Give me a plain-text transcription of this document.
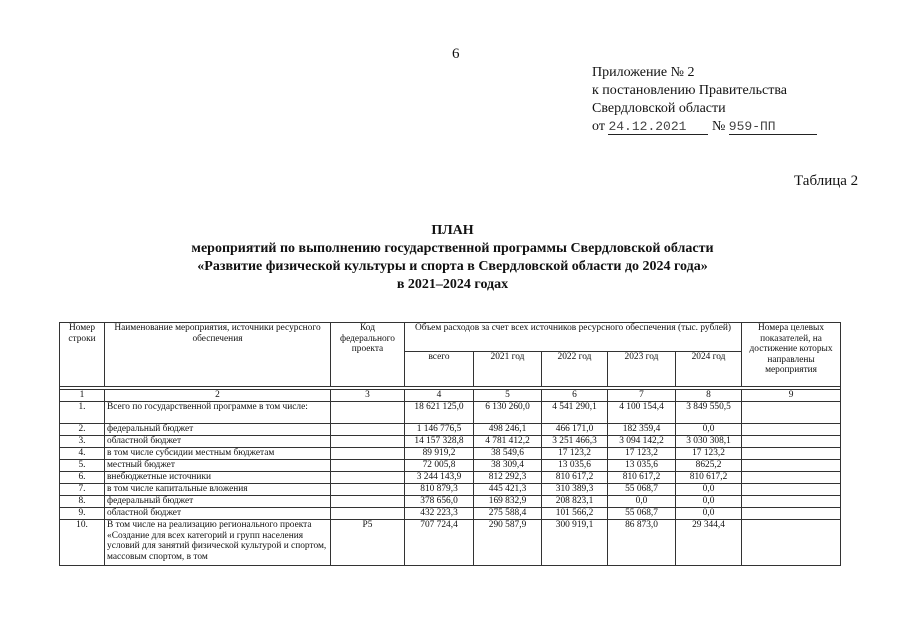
6
Приложение № 2
к постановлению Правительства
Свердловской области
от 24.12.2021 № 959-ПП
Таблица 2
ПЛАН
мероприятий по выполнению государственной программы Свердловской области
«Развитие физической культуры и спорта в Свердловской области до 2024 года»
в 2021–2024 годах
Номер строки	Наименование мероприятия, источники ресурсного обеспечения	Код федерального проекта	Объем расходов за счет всех источников ресурсного обеспечения (тыс. рублей)					Номера целевых показателей, на достижение которых направлены мероприятия
			всего	2021 год	2022 год	2023 год	2024 год	

1	2	3	4	5	6	7	8	9
1.	Всего по государственной программе в том числе:		18 621 125,0	6 130 260,0	4 541 290,1	4 100 154,4	3 849 550,5	
2.	федеральный бюджет		1 146 776,5	498 246,1	466 171,0	182 359,4	0,0	
3.	областной бюджет		14 157 328,8	4 781 412,2	3 251 466,3	3 094 142,2	3 030 308,1	
4.	в том числе субсидии местным бюджетам		89 919,2	38 549,6	17 123,2	17 123,2	17 123,2	
5.	местный бюджет		72 005,8	38 309,4	13 035,6	13 035,6	8625,2	
6.	внебюджетные источники		3 244 143,9	812 292,3	810 617,2	810 617,2	810 617,2	
7.	в том числе капитальные вложения		810 879,3	445 421,3	310 389,3	55 068,7	0,0	
8.	федеральный бюджет		378 656,0	169 832,9	208 823,1	0,0	0,0	
9.	областной бюджет		432 223,3	275 588,4	101 566,2	55 068,7	0,0	
10.	В том числе на реализацию регионального проекта «Создание для всех категорий и групп населения условий для занятий физической культурой и спортом, массовым спортом, в том	Р5	707 724,4	290 587,9	300 919,1	86 873,0	29 344,4	
